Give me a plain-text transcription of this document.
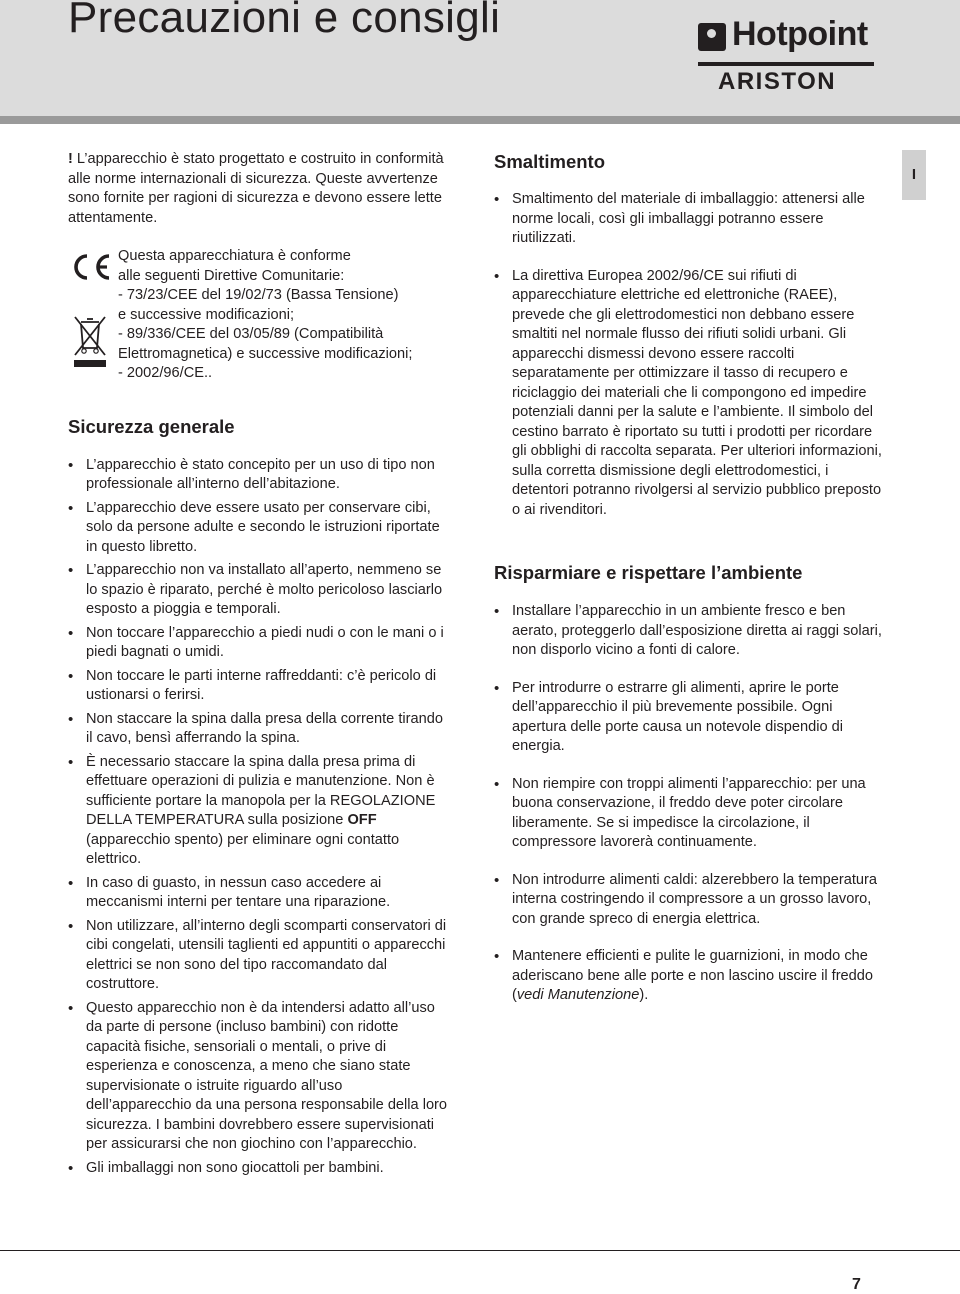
Precauzioni e consigli	Hotpoint
ARISTON
I

! L’apparecchio è stato progettato e costruito in conformità alle norme internazionali di sicurezza. Queste avvertenze sono fornite per ragioni di sicurezza e devono essere lette attentamente.

Questa apparecchiatura è conforme
alle seguenti Direttive Comunitarie:
- 73/23/CEE del 19/02/73 (Bassa Tensione)
e successive modificazioni;
- 89/336/CEE del 03/05/89 (Compatibilità
Elettromagnetica) e successive modificazioni;
- 2002/96/CE..

Sicurezza generale
• L’apparecchio è stato concepito per un uso di tipo non professionale all’interno dell’abitazione.
• L’apparecchio deve essere usato per conservare cibi, solo da persone adulte e secondo le istruzioni riportate in questo libretto.
• L’apparecchio non va installato all’aperto, nemmeno se lo spazio è riparato, perché è molto pericoloso lasciarlo esposto a pioggia e temporali.
• Non toccare l’apparecchio a piedi nudi o con le mani o i piedi bagnati o umidi.
• Non toccare le parti interne raffreddanti: c’è pericolo di ustionarsi o ferirsi.
• Non staccare la spina dalla presa della corrente tirando il cavo, bensì afferrando la spina.
• È necessario staccare la spina dalla presa prima di effettuare operazioni di pulizia e manutenzione. Non è sufficiente portare la manopola per la REGOLAZIONE DELLA TEMPERATURA sulla posizione OFF (apparecchio spento) per eliminare ogni contatto elettrico.
• In caso di guasto, in nessun caso accedere ai meccanismi interni per tentare una riparazione.
• Non utilizzare, all’interno degli scomparti conservatori di cibi congelati, utensili taglienti ed appuntiti o apparecchi elettrici se non sono del tipo raccomandato dal costruttore.
• Questo apparecchio non è da intendersi adatto all’uso da parte di persone (incluso bambini) con ridotte capacità fisiche, sensoriali o mentali, o prive di esperienza e conoscenza, a meno che siano state supervisionate o istruite riguardo all’uso dell’apparecchio da una persona responsabile della loro sicurezza. I bambini dovrebbero essere supervisionati per assicurarsi che non giochino con l’apparecchio.
• Gli imballaggi non sono giocattoli per bambini.
Smaltimento
• Smaltimento del materiale di imballaggio: attenersi alle norme locali, così gli imballaggi potranno essere riutilizzati.
• La direttiva Europea 2002/96/CE sui rifiuti di apparecchiature elettriche ed elettroniche (RAEE), prevede che gli elettrodomestici non debbano essere smaltiti nel normale flusso dei rifiuti solidi urbani. Gli apparecchi dismessi devono essere raccolti separatamente per ottimizzare il tasso di recupero e riciclaggio dei materiali che li compongono ed impedire potenziali danni per la salute e l’ambiente. Il simbolo del cestino barrato è riportato su tutti i prodotti per ricordare gli obblighi di raccolta separata. Per ulteriori informazioni, sulla corretta dismissione degli elettrodomestici, i detentori potranno rivolgersi al servizio pubblico preposto o ai rivenditori.
Risparmiare e rispettare l’ambiente
• Installare l’apparecchio in un ambiente fresco e ben aerato, proteggerlo dall’esposizione diretta ai raggi solari, non disporlo vicino a fonti di calore.
• Per introdurre o estrarre gli alimenti, aprire le porte dell’apparecchio il più brevemente possibile. Ogni apertura delle porte causa un notevole dispendio di energia.
• Non riempire con troppi alimenti l’apparecchio: per una buona conservazione, il freddo deve poter circolare liberamente. Se si impedisce la circolazione, il compressore lavorerà continuamente.
• Non introdurre alimenti caldi: alzerebbero la temperatura interna costringendo il compressore a un grosso lavoro, con grande spreco di energia elettrica.
• Mantenere efficienti e pulite le guarnizioni, in modo che aderiscano bene alle porte e non lascino uscire il freddo (vedi Manutenzione).
7
